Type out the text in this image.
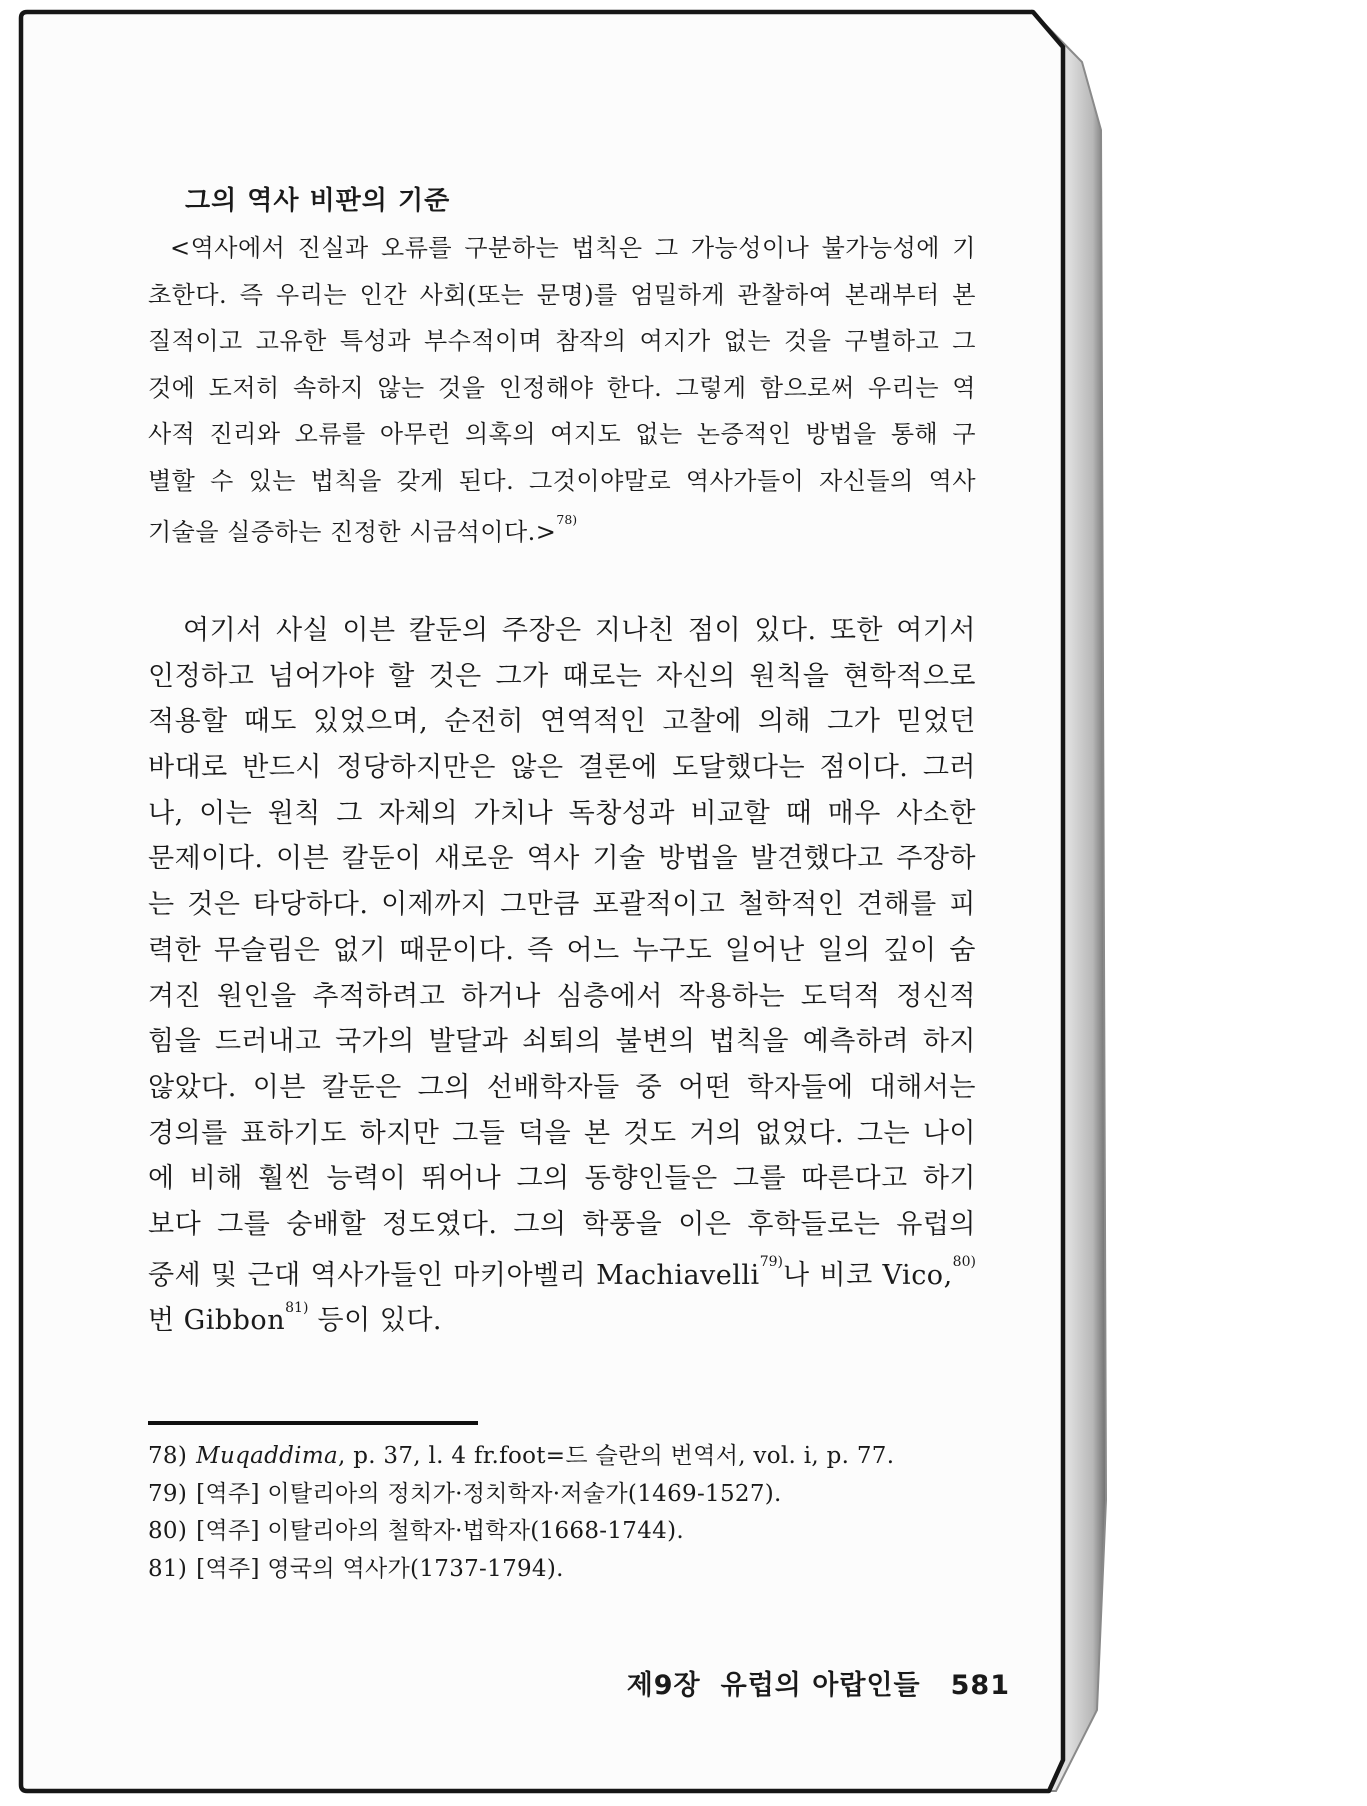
그의 역사 비판의 기준
<역사에서 진실과 오류를 구분하는 법칙은 그 가능성이나 불가능성에 기
초한다. 즉 우리는 인간 사회(또는 문명)를 엄밀하게 관찰하여 본래부터 본
질적이고 고유한 특성과 부수적이며 참작의 여지가 없는 것을 구별하고 그
것에 도저히 속하지 않는 것을 인정해야 한다. 그렇게 함으로써 우리는 역
사적 진리와 오류를 아무런 의혹의 여지도 없는 논증적인 방법을 통해 구
별할 수 있는 법칙을 갖게 된다. 그것이야말로 역사가들이 자신들의 역사
기술을 실증하는 진정한 시금석이다.>$^{78)}$
여기서 사실 이븐 칼둔의 주장은 지나친 점이 있다. 또한 여기서
인정하고 넘어가야 할 것은 그가 때로는 자신의 원칙을 현학적으로
적용할 때도 있었으며, 순전히 연역적인 고찰에 의해 그가 믿었던
바대로 반드시 정당하지만은 않은 결론에 도달했다는 점이다. 그러
나, 이는 원칙 그 자체의 가치나 독창성과 비교할 때 매우 사소한
문제이다. 이븐 칼둔이 새로운 역사 기술 방법을 발견했다고 주장하
는 것은 타당하다. 이제까지 그만큼 포괄적이고 철학적인 견해를 피
력한 무슬림은 없기 때문이다. 즉 어느 누구도 일어난 일의 깊이 숨
겨진 원인을 추적하려고 하거나 심층에서 작용하는 도덕적 정신적
힘을 드러내고 국가의 발달과 쇠퇴의 불변의 법칙을 예측하려 하지
않았다. 이븐 칼둔은 그의 선배학자들 중 어떤 학자들에 대해서는
경의를 표하기도 하지만 그들 덕을 본 것도 거의 없었다. 그는 나이
에 비해 훨씬 능력이 뛰어나 그의 동향인들은 그를 따른다고 하기
보다 그를 숭배할 정도였다. 그의 학풍을 이은 후학들로는 유럽의
중세 및 근대 역사가들인 마키아벨리 Machiavelli$^{79)}$나 비코 Vico,$^{80)}$
번 Gibbon$^{81)}$ 등이 있다.
78) Muqaddima, p. 37, l. 4 fr.foot=드 슬란의 번역서, vol. i, p. 77.
79) [역주] 이탈리아의 정치가·정치학자·저술가(1469-1527).
80) [역주] 이탈리아의 철학자·법학자(1668-1744).
81) [역주] 영국의 역사가(1737-1794).
제9장 유럽의 아랍인들 581
